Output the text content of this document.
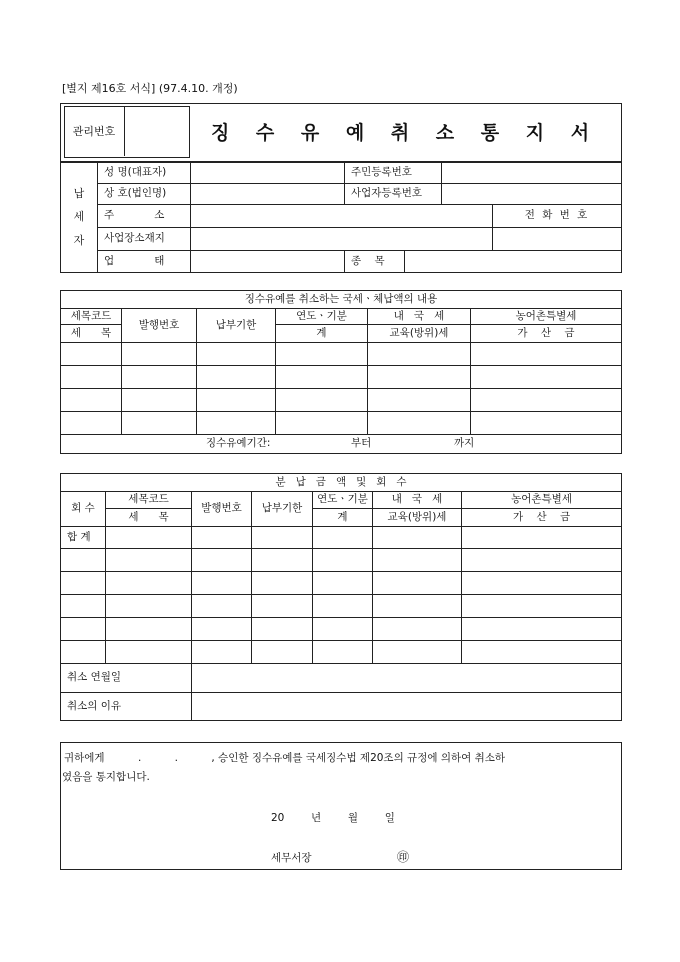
[별지 제16호 서식] (97.4.10. 개정)
관리번호	징 수 유 예 취 소 통 지 서
납
세
자	성 명(대표자)		주민등록번호			
	상 호(법인명)		사업자등록번호			
	주            소					전 화 번 호
	사업장소재지					
	업            태		종    목			
징수유예를 취소하는 국세ㆍ체납액의 내용					
세목코드	발행번호	납부기한	연도ㆍ기분	내   국   세	농어촌특별세
세      목			계	교육(방위)세	가    산    금

징수유예기간: 부터 까지					
분   납   금   액   및   회   수						
회 수	세목코드	발행번호	납부기한	연도ㆍ기분	내   국   세	농어촌특별세
	세      목			계	교육(방위)세	가    산    금
합 계						

취소 연월일						
취소의 이유						
귀하에게          .          .          , 승인한 징수유예를 국세징수법 제20조의 규정에 의하여 취소하
였음을 통지합니다.
20        년        월        일
세무서장	㊞
